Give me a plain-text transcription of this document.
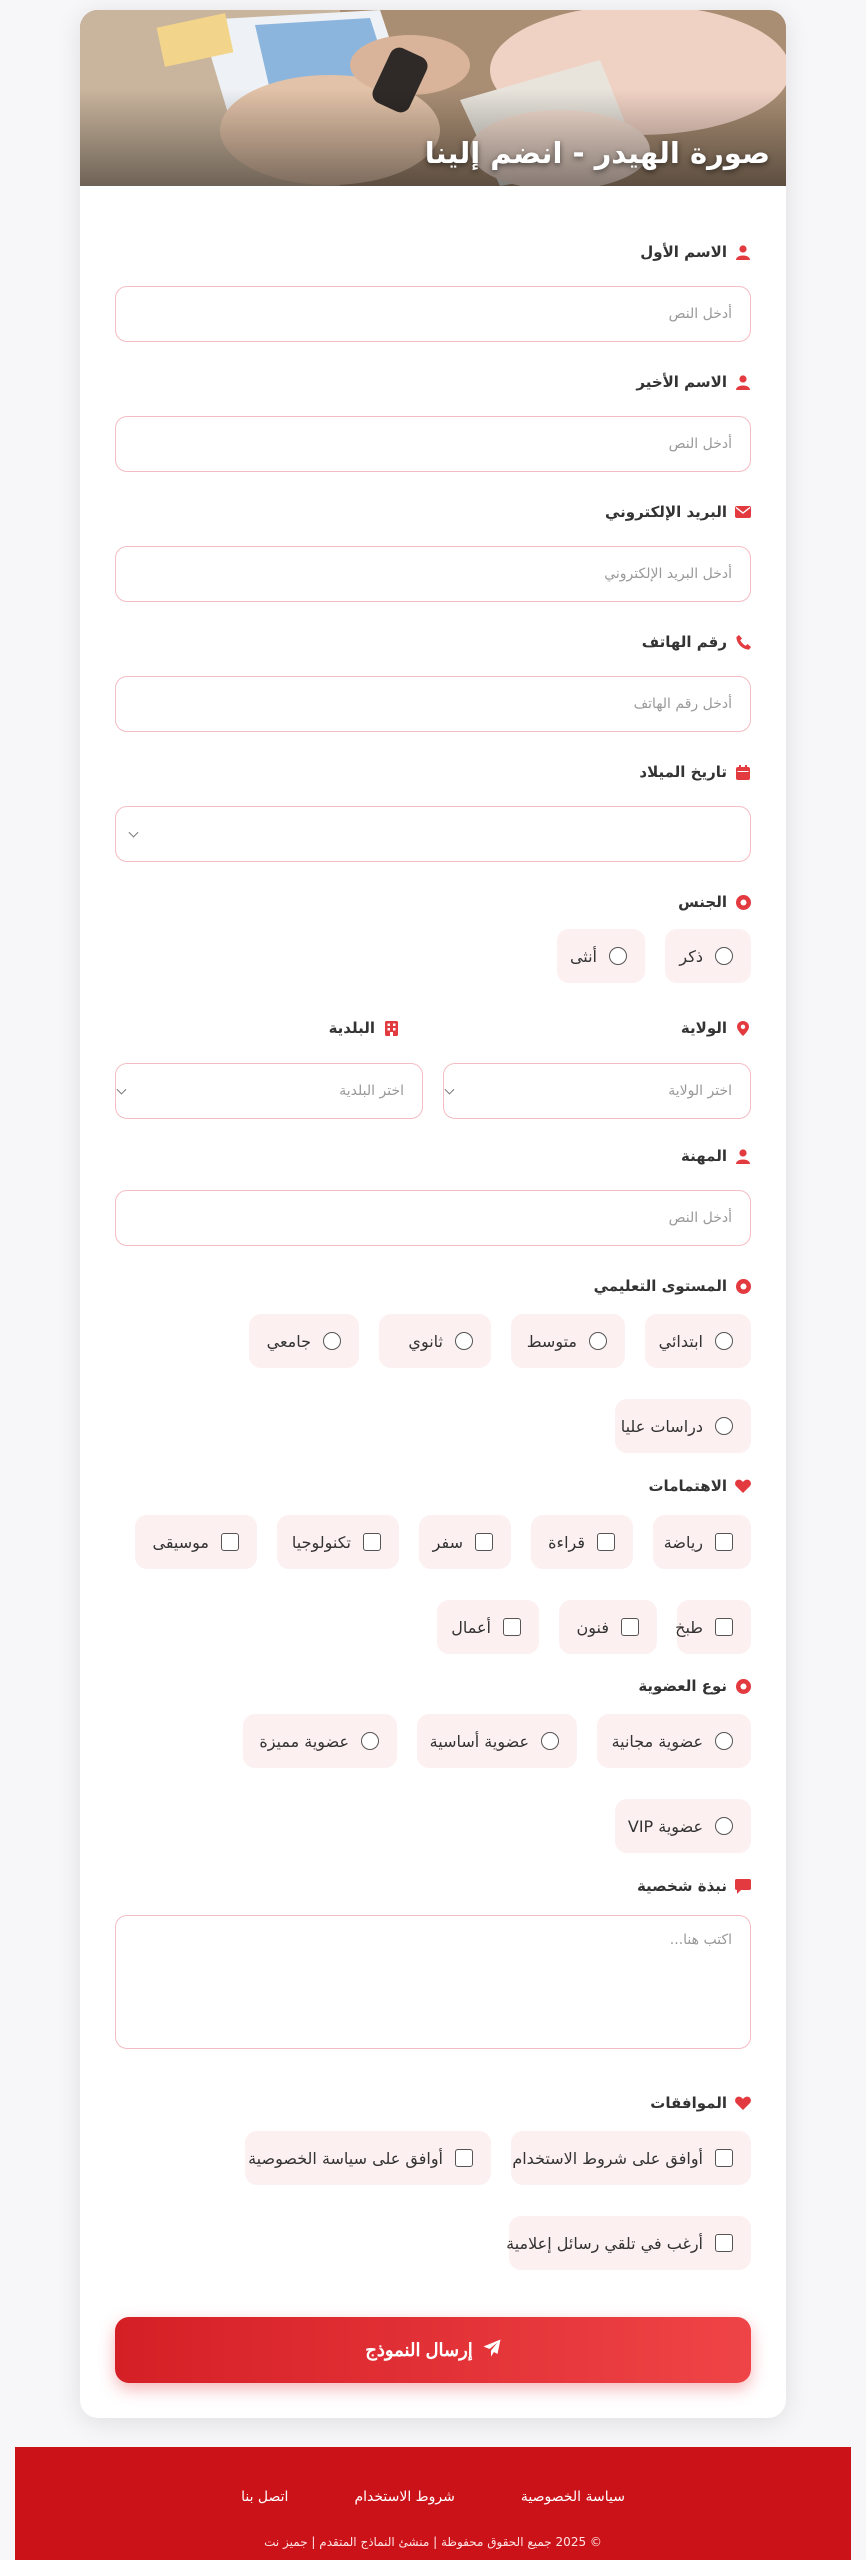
صورة الهيدر - انضم إلينا
الاسم الأول
أدخل النص
الاسم الأخير
أدخل النص
البريد الإلكتروني
أدخل البريد الإلكتروني
رقم الهاتف
أدخل رقم الهاتف
تاريخ الميلاد
الجنس
ذكر
أنثى
الولاية
البلدية
اختر الولاية
اختر البلدية
المهنة
أدخل النص
المستوى التعليمي
ابتدائي
متوسط
ثانوي
جامعي
دراسات عليا
الاهتمامات
رياضة
قراءة
سفر
تكنولوجيا
موسيقى
طبخ
فنون
أعمال
نوع العضوية
عضوية مجانية
عضوية أساسية
عضوية مميزة
عضوية VIP
نبذة شخصية
اكتب هنا...
الموافقات
أوافق على شروط الاستخدام
أوافق على سياسة الخصوصية
أرغب في تلقي رسائل إعلامية
إرسال النموذج
سياسة الخصوصية
شروط الاستخدام
اتصل بنا
© 2025 جميع الحقوق محفوظة | منشئ النماذج المتقدم | جميز نت
